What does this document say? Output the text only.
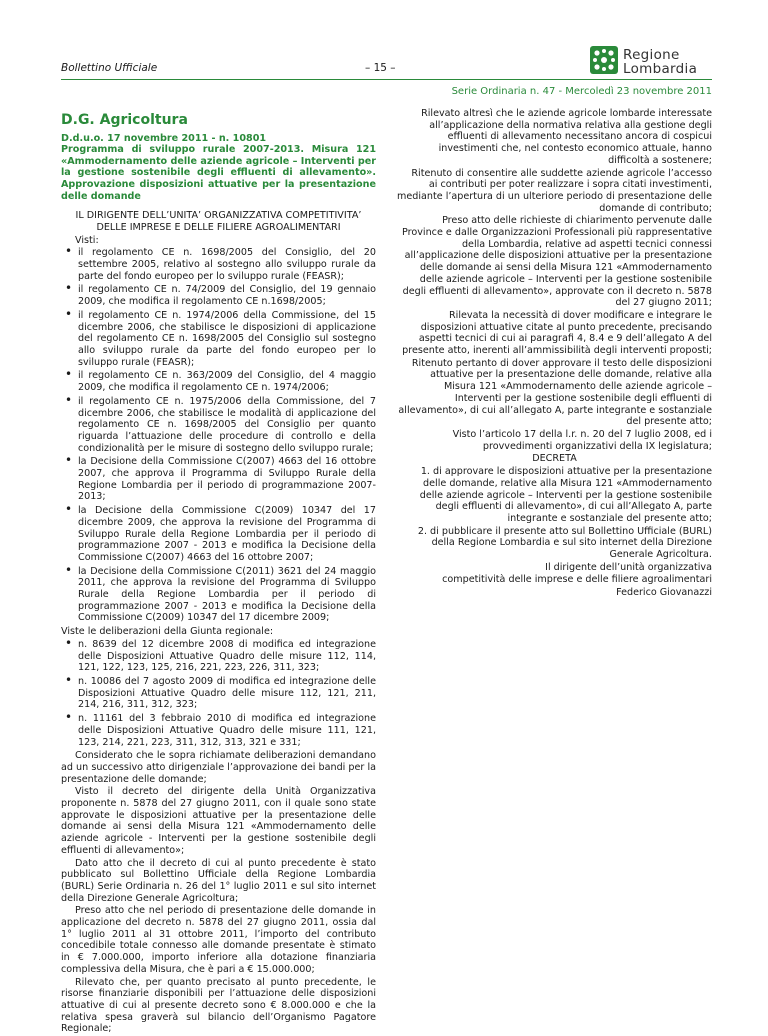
Bollettino Ufficiale	– 15 –
Regione
Lombardia
Serie Ordinaria n. 47 - Mercoledì 23 novembre 2011
D.G. Agricoltura
D.d.u.o. 17 novembre 2011 - n. 10801
Programma di sviluppo rurale 2007-2013. Misura 121 «Ammodernamento delle aziende agricole – Interventi per la gestione sostenibile degli effluenti di allevamento». Approvazione disposizioni attuative per la presentazione delle domande

IL DIRIGENTE DELL’UNITA’ ORGANIZZATIVA COMPETITIVITA’ DELLE IMPRESE E DELLE FILIERE AGROALIMENTARI

Visti:

• il regolamento CE n. 1698/2005 del Consiglio, del 20 settembre 2005, relativo al sostegno allo sviluppo rurale da parte del fondo europeo per lo sviluppo rurale (FEASR);
• il regolamento CE n. 74/2009 del Consiglio, del 19 gennaio 2009, che modifica il regolamento CE n.1698/2005;
• il regolamento CE n. 1974/2006 della Commissione, del 15 dicembre 2006, che stabilisce le disposizioni di applicazione del regolamento CE n. 1698/2005 del Consiglio sul sostegno allo sviluppo rurale da parte del fondo europeo per lo sviluppo rurale (FEASR);
• il regolamento CE n. 363/2009 del Consiglio, del 4 maggio 2009, che modifica il regolamento CE n. 1974/2006;
• il regolamento CE n. 1975/2006 della Commissione, del 7 dicembre 2006, che stabilisce le modalità di applicazione del regolamento CE n. 1698/2005 del Consiglio per quanto riguarda l’attuazione delle procedure di controllo e della condizionalità per le misure di sostegno dello sviluppo rurale;
• la Decisione della Commissione C(2007) 4663 del 16 ottobre 2007, che approva il Programma di Sviluppo Rurale della Regione Lombardia per il periodo di programmazione 2007-2013;
• la Decisione della Commissione C(2009) 10347 del 17 dicembre 2009, che approva la revisione del Programma di Sviluppo Rurale della Regione Lombardia per il periodo di programmazione 2007 - 2013 e modifica la Decisione della Commissione C(2007) 4663 del 16 ottobre 2007;
• la Decisione della Commissione C(2011) 3621 del 24 maggio 2011, che approva la revisione del Programma di Sviluppo Rurale della Regione Lombardia per il periodo di programmazione 2007 - 2013 e modifica la Decisione della Commissione C(2009) 10347 del 17 dicembre 2009;

Viste le deliberazioni della Giunta regionale:

• n. 8639 del 12 dicembre 2008 di modifica ed integrazione delle Disposizioni Attuative Quadro delle misure 112, 114, 121, 122, 123, 125, 216, 221, 223, 226, 311, 323;
• n. 10086 del 7 agosto 2009 di modifica ed integrazione delle Disposizioni Attuative Quadro delle misure 112, 121, 211, 214, 216, 311, 312, 323;
• n. 11161 del 3 febbraio 2010 di modifica ed integrazione delle Disposizioni Attuative Quadro delle misure 111, 121, 123, 214, 221, 223, 311, 312, 313, 321 e 331;

Considerato che le sopra richiamate deliberazioni demandano ad un successivo atto dirigenziale l’approvazione dei bandi per la presentazione delle domande;

Visto il decreto del dirigente della Unità Organizzativa proponente n. 5878 del 27 giugno 2011, con il quale sono state approvate le disposizioni attuative per la presentazione delle domande ai sensi della Misura 121 «Ammodernamento delle aziende agricole - Interventi per la gestione sostenibile degli effluenti di allevamento»;

Dato atto che il decreto di cui al punto precedente è stato pubblicato sul Bollettino Ufficiale della Regione Lombardia (BURL) Serie Ordinaria n. 26 del 1° luglio 2011 e sul sito internet della Direzione Generale Agricoltura;

Preso atto che nel periodo di presentazione delle domande in applicazione del decreto n. 5878 del 27 giugno 2011, ossia dal 1° luglio 2011 al 31 ottobre 2011, l’importo del contributo concedibile totale connesso alle domande presentate è stimato in € 7.000.000, importo inferiore alla dotazione finanziaria complessiva della Misura, che è pari a € 15.000.000;

Rilevato che, per quanto precisato al punto precedente, le risorse finanziarie disponibili per l’attuazione delle disposizioni attuative di cui al presente decreto sono € 8.000.000 e che la relativa spesa graverà sul bilancio dell’Organismo Pagatore Regionale;

Rilevato altresì che le aziende agricole lombarde interessate all’applicazione della normativa relativa alla gestione degli effluenti di allevamento necessitano ancora di cospicui investimenti che, nel contesto economico attuale, hanno difficoltà a sostenere;

Ritenuto di consentire alle suddette aziende agricole l’accesso ai contributi per poter realizzare i sopra citati investimenti, mediante l’apertura di un ulteriore periodo di presentazione delle domande di contributo;

Preso atto delle richieste di chiarimento pervenute dalle Province e dalle Organizzazioni Professionali più rappresentative della Lombardia, relative ad aspetti tecnici connessi all’applicazione delle disposizioni attuative per la presentazione delle domande ai sensi della Misura 121 «Ammodernamento delle aziende agricole – Interventi per la gestione sostenibile degli effluenti di allevamento», approvate con il decreto n. 5878 del 27 giugno 2011;

Rilevata la necessità di dover modificare e integrare le disposizioni attuative citate al punto precedente, precisando aspetti tecnici di cui ai paragrafi 4, 8.4 e 9 dell’allegato A del presente atto, inerenti all’ammissibilità degli interventi proposti;

Ritenuto pertanto di dover approvare il testo delle disposizioni attuative per la presentazione delle domande, relative alla Misura 121 «Ammodernamento delle aziende agricole – Interventi per la gestione sostenibile degli effluenti di allevamento», di cui all’allegato A, parte integrante e sostanziale del presente atto;

Visto l’articolo 17 della l.r. n. 20 del 7 luglio 2008, ed i provvedimenti organizzativi della IX legislatura;

DECRETA

1. di approvare le disposizioni attuative per la presentazione delle domande, relative alla Misura 121 «Ammodernamento delle aziende agricole – Interventi per la gestione sostenibile degli effluenti di allevamento», di cui all’Allegato A, parte integrante e sostanziale del presente atto;

2. di pubblicare il presente atto sul Bollettino Ufficiale (BURL) della Regione Lombardia e sul sito internet della Direzione Generale Agricoltura.

Il dirigente dell’unità organizzativa

competitività delle imprese e delle filiere agroalimentari

Federico Giovanazzi
